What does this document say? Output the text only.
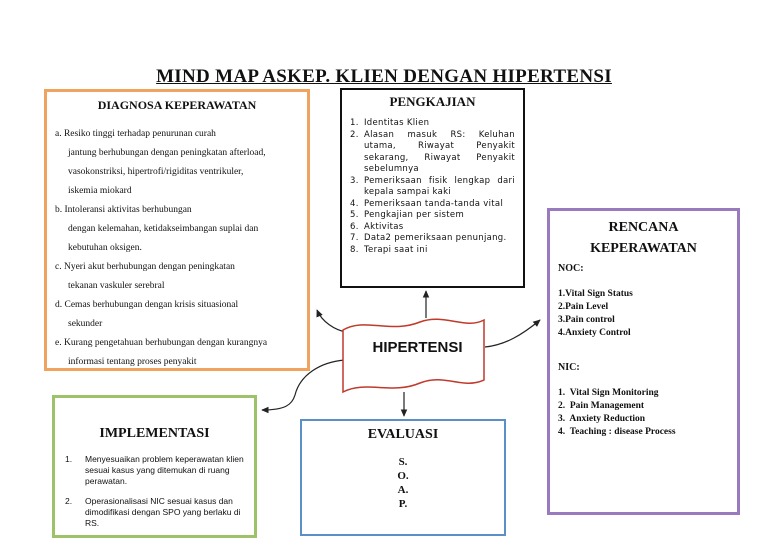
MIND MAP ASKEP. KLIEN DENGAN HIPERTENSI
HIPERTENSI
DIAGNOSA KEPERAWATAN
a. Resiko tinggi terhadap penurunan curah
jantung berhubungan dengan peningkatan afterload,
vasokonstriksi, hipertrofi/rigiditas ventrikuler,
iskemia miokard
b. Intoleransi aktivitas berhubungan
dengan kelemahan, ketidakseimbangan suplai dan
kebutuhan oksigen.
c. Nyeri akut berhubungan dengan peningkatan
tekanan vaskuler serebral
d. Cemas berhubungan dengan krisis situasional
sekunder
e. Kurang pengetahuan berhubungan dengan kurangnya
informasi tentang proses penyakit
PENGKAJIAN
1. Identitas Klien
2. Alasan masuk RS: Keluhan utama, Riwayat Penyakit sekarang, Riwayat Penyakit sebelumnya
3. Pemeriksaan fisik lengkap dari kepala sampai kaki
4. Pemeriksaan tanda-tanda vital
5. Pengkajian per sistem
6. Aktivitas
7. Data2 pemeriksaan penunjang.
8. Terapi saat ini
RENCANA
KEPERAWATAN
NOC:
1.Vital Sign Status
2.Pain Level
3.Pain control
4.Anxiety Control
NIC:
1.  Vital Sign Monitoring
2.  Pain Management
3.  Anxiety Reduction
4.  Teaching : disease Process
IMPLEMENTASI
1.	Menyesuaikan problem keperawatan klien sesuai kasus yang ditemukan di ruang perawatan.
2.	Operasionalisasi NIC sesuai kasus dan dimodifikasi dengan SPO yang berlaku di RS.
EVALUASI
S.
O.
A.
P.
